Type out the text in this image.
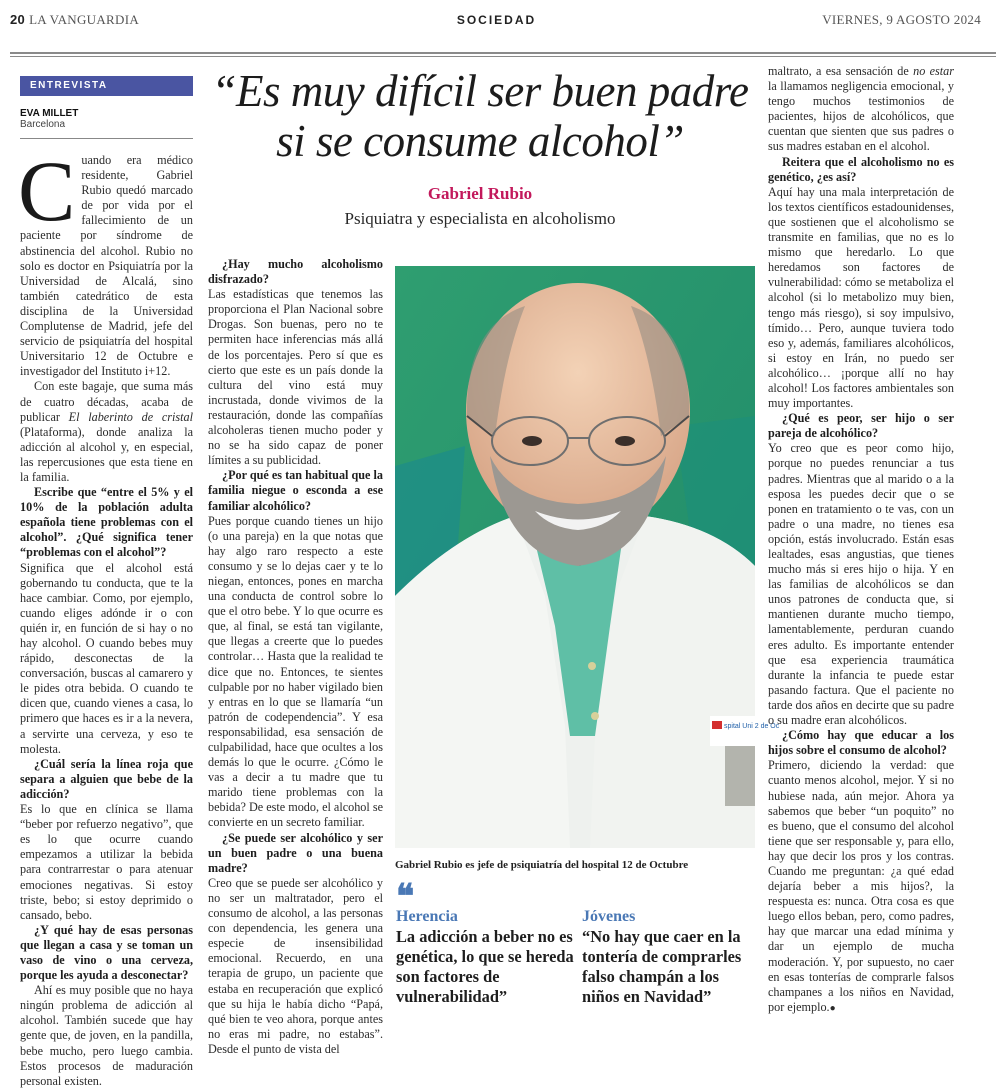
20 LA VANGUARDIA	SOCIEDAD	VIERNES, 9 AGOSTO 2024
ENTREVISTA
EVA MILLET
Barcelona

Cuando era médico residente, Gabriel Rubio quedó marcado de por vida por el fallecimiento de un paciente por síndrome de abstinencia del alcohol. Rubio no solo es doctor en Psiquiatría por la Universidad de Alcalá, sino también catedrático de esta disciplina de la Universidad Complutense de Madrid, jefe del servicio de psiquiatría del hospital Universitario 12 de Octubre e investigador del Instituto i+12.

Con este bagaje, que suma más de cuatro décadas, acaba de publicar El laberinto de cristal (Plataforma), donde analiza la adicción al alcohol y, en especial, las repercusiones que esta tiene en la familia.

Escribe que “entre el 5% y el 10% de la población adulta española tiene problemas con el alcohol”. ¿Qué significa tener “problemas con el alcohol”?

Significa que el alcohol está gobernando tu conducta, que te la hace cambiar. Como, por ejemplo, cuando eliges adónde ir o con quién ir, en función de si hay o no hay alcohol. O cuando bebes muy rápido, desconectas de la conversación, buscas al camarero y le pides otra bebida. O cuando te dicen que, cuando vienes a casa, lo primero que haces es ir a la nevera, a servirte una cerveza, y eso te molesta.

¿Cuál sería la línea roja que separa a alguien que bebe de la adicción?

Es lo que en clínica se llama “beber por refuerzo negativo”, que es lo que ocurre cuando empezamos a utilizar la bebida para contrarrestar o para atenuar emociones negativas. Si estoy triste, bebo; si estoy deprimido o cansado, bebo.

¿Y qué hay de esas personas que llegan a casa y se toman un vaso de vino o una cerveza, porque les ayuda a desconectar?

Ahí es muy posible que no haya ningún problema de adicción al alcohol. También sucede que hay gente que, de joven, en la pandilla, bebe mucho, pero luego cambia. Estos procesos de maduración personal existen.

“Es muy difícil ser buen padre
si se consume alcohol”
Gabriel Rubio
Psiquiatra y especialista en alcoholismo

¿Hay mucho alcoholismo disfrazado?

Las estadísticas que tenemos las proporciona el Plan Nacional sobre Drogas. Son buenas, pero no te permiten hace inferencias más allá de los porcentajes. Pero sí que es cierto que este es un país donde la cultura del vino está muy incrustada, donde vivimos de la restauración, donde las compañías alcoholeras tienen mucho poder y no se ha sido capaz de poner límites a su publicidad.

¿Por qué es tan habitual que la familia niegue o esconda a ese familiar alcohólico?

Pues porque cuando tienes un hijo (o una pareja) en la que notas que hay algo raro respecto a este consumo y se lo dejas caer y te lo niegan, entonces, pones en marcha una conducta de control sobre lo que el otro bebe. Y lo que ocurre es que, al final, se está tan vigilante, que llegas a creerte que lo puedes controlar… Hasta que la realidad te dice que no. Entonces, te sientes culpable por no haber vigilado bien y entras en lo que se llamaría “un patrón de codependencia”. Y esa responsabilidad, esa sensación de culpabilidad, hace que ocultes a los demás lo que le ocurre. ¿Cómo le vas a decir a tu madre que tu marido tiene problemas con la bebida? De este modo, el alcohol se convierte en un secreto familiar.

¿Se puede ser alcohólico y ser un buen padre o una buena madre?

Creo que se puede ser alcohólico y no ser un maltratador, pero el consumo de alcohol, a las personas con dependencia, les genera una especie de insensibilidad emocional. Recuerdo, en una terapia de grupo, un paciente que estaba en recuperación que explicó que su hija le había dicho “Papá, qué bien te veo ahora, porque antes no eras mi padre, no estabas”. Desde el punto de vista del

spital Uni 2 de Oc
Gabriel Rubio es jefe de psiquiatría del hospital 12 de Octubre
❝
Herencia
La adicción a beber no es genética, lo que se hereda son factores de vulnerabilidad”
Jóvenes
“No hay que caer en la tontería de comprarles falso champán a los niños en Navidad”

maltrato, a esa sensación de no estar la llamamos negligencia emocional, y tengo muchos testimonios de pacientes, hijos de alcohólicos, que cuentan que sienten que sus padres o sus madres estaban en el alcohol.

Reitera que el alcoholismo no es genético, ¿es así?

Aquí hay una mala interpretación de los textos científicos estadounidenses, que sostienen que el alcoholismo se transmite en familias, que no es lo mismo que heredarlo. Lo que heredamos son factores de vulnerabilidad: cómo se metaboliza el alcohol (si lo metabolizo muy bien, tengo más riesgo), si soy impulsivo, tímido… Pero, aunque tuviera todo eso y, además, familiares alcohólicos, si estoy en Irán, no puedo ser alcohólico… ¡porque allí no hay alcohol! Los factores ambientales son muy importantes.

¿Qué es peor, ser hijo o ser pareja de alcohólico?

Yo creo que es peor como hijo, porque no puedes renunciar a tus padres. Mientras que al marido o a la esposa les puedes decir que o se ponen en tratamiento o te vas, con un padre o una madre, no tienes esa opción, estás involucrado. Están esas lealtades, esas angustias, que tienes mucho más si eres hijo o hija. Y en las familias de alcohólicos se dan unos patrones de conducta que, si mantienen durante mucho tiempo, lamentablemente, perduran cuando eres adulto. Es importante entender que esa experiencia traumática durante la infancia te puede estar pasando factura. Que el paciente no tarde dos años en decirte que su padre o su madre eran alcohólicos.

¿Cómo hay que educar a los hijos sobre el consumo de alcohol?

Primero, diciendo la verdad: que cuanto menos alcohol, mejor. Y si no hubiese nada, aún mejor. Ahora ya sabemos que beber “un poquito” no es bueno, que el consumo del alcohol tiene que ser responsable y, para ello, hay que decir los pros y los contras. Cuando me preguntan: ¿a qué edad dejaría beber a mis hijos?, la respuesta es: nunca. Otra cosa es que luego ellos beban, pero, como padres, hay que marcar una edad mínima y dar un ejemplo de mucha moderación. Y, por supuesto, no caer en esas tonterías de comprarle falsos champanes a los niños en Navidad, por ejemplo.●
